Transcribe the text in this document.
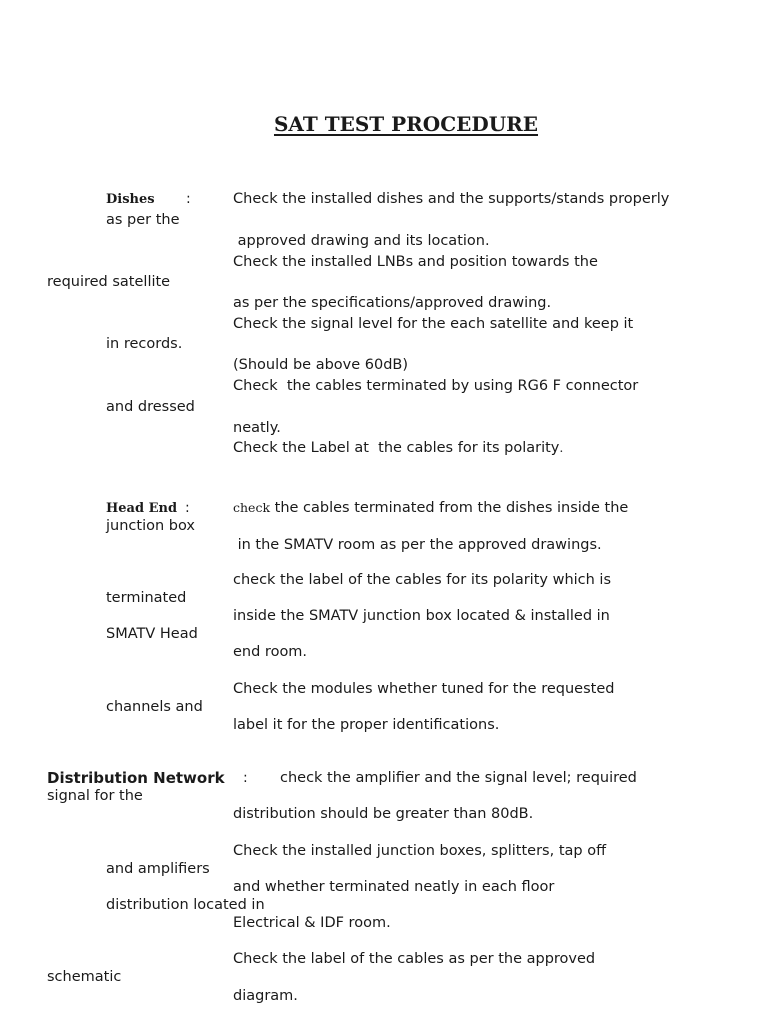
SAT TEST PROCEDURE
Dishes :	Check the installed dishes and the supports/stands properly
as per the
approved drawing and its location.
Check the installed LNBs and position towards the
required satellite
as per the specifications/approved drawing.
Check the signal level for the each satellite and keep it
in records.
(Should be above 60dB)
Check  the cables terminated by using RG6 F connector
and dressed
neatly.
Check the Label at  the cables for its polarity.
Head End :	check the cables terminated from the dishes inside the
junction box
in the SMATV room as per the approved drawings.
check the label of the cables for its polarity which is
terminated
inside the SMATV junction box located & installed in
SMATV Head
end room.
Check the modules whether tuned for the requested
channels and
label it for the proper identifications.
Distribution Network : check the amplifier and the signal level; required
signal for the
distribution should be greater than 80dB.
Check the installed junction boxes, splitters, tap off
and amplifiers
and whether terminated neatly in each floor
distribution located in
Electrical & IDF room.
Check the label of the cables as per the approved
schematic
diagram.
